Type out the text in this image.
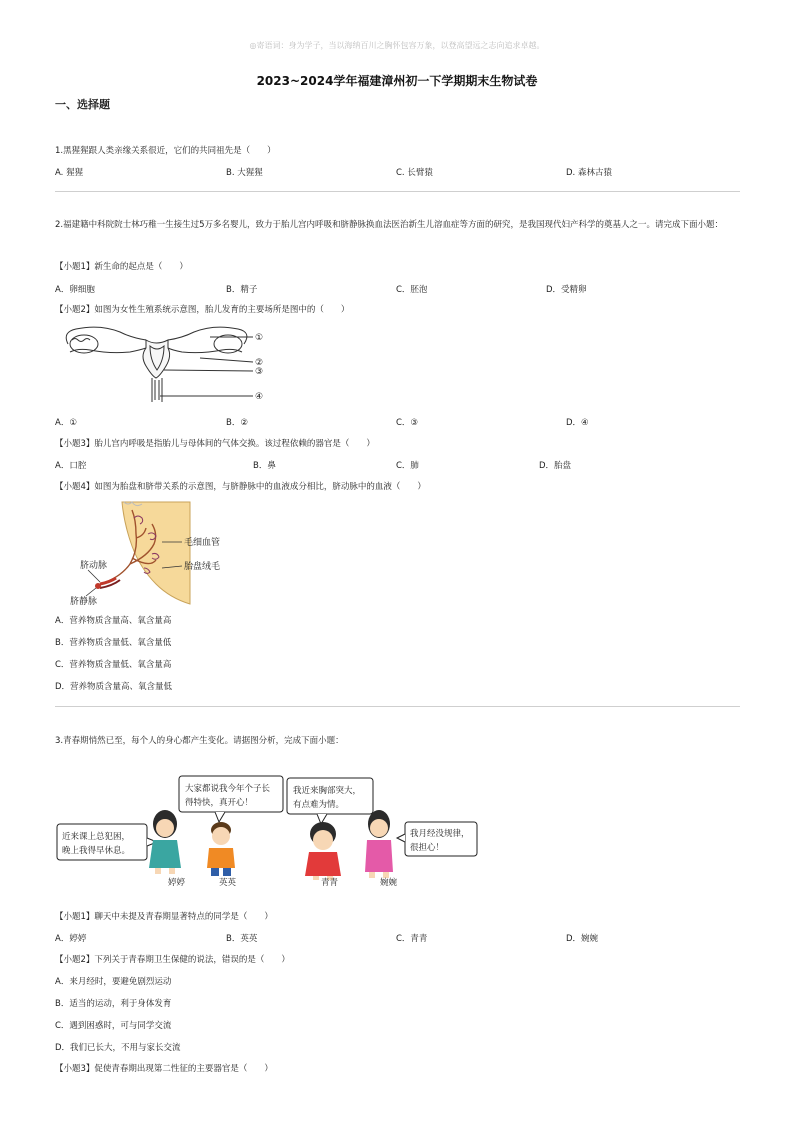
◎寄语词：身为学子，当以海纳百川之胸怀包容万象，以登高望远之志向追求卓越。
2023~2024学年福建漳州初一下学期期末生物试卷
一、选择题
1.黑猩猩跟人类亲缘关系很近，它们的共同祖先是（　　）
A. 猩猩	B. 大猩猩	C. 长臂猿	D. 森林古猿
2.福建籍中科院院士林巧稚一生接生过5万多名婴儿，致力于胎儿宫内呼吸和脐静脉换血法医治新生儿溶血症等方面的研究，是我国现代妇产科学的奠基人之一。请完成下面小题：
【小题1】新生命的起点是（　　）
A．卵细胞	B．精子	C．胚泡	D．受精卵
【小题2】如图为女性生殖系统示意图，胎儿发育的主要场所是图中的（　　）
①
②
③
④
A．①	B．②	C．③	D．④
【小题3】胎儿宫内呼吸是指胎儿与母体间的气体交换。该过程依赖的器官是（　　）
A．口腔	B．鼻	C．肺	D．胎盘
【小题4】如图为胎盘和脐带关系的示意图，与脐静脉中的血液成分相比，脐动脉中的血液（　　）
毛细血管
胎盘绒毛
脐动脉
脐静脉
A．营养物质含量高、氧含量高
B．营养物质含量低、氧含量低
C．营养物质含量低、氧含量高
D．营养物质含量高、氧含量低
3.青春期悄然已至，每个人的身心都产生变化。请据图分析，完成下面小题：
近来课上总犯困，
晚上我得早休息。
大家都说我今年个子长
得特快，真开心！
我近来胸部突大，
有点难为情。
我月经没规律，
很担心！
婷婷	英英	青青	婉婉
【小题1】聊天中未提及青春期显著特点的同学是（　　）
A．婷婷	B．英英	C．青青	D．婉婉
【小题2】下列关于青春期卫生保健的说法，错误的是（　　）
A．来月经时，要避免剧烈运动
B．适当的运动，利于身体发育
C．遇到困惑时，可与同学交流
D．我们已长大，不用与家长交流
【小题3】促使青春期出现第二性征的主要器官是（　　）
